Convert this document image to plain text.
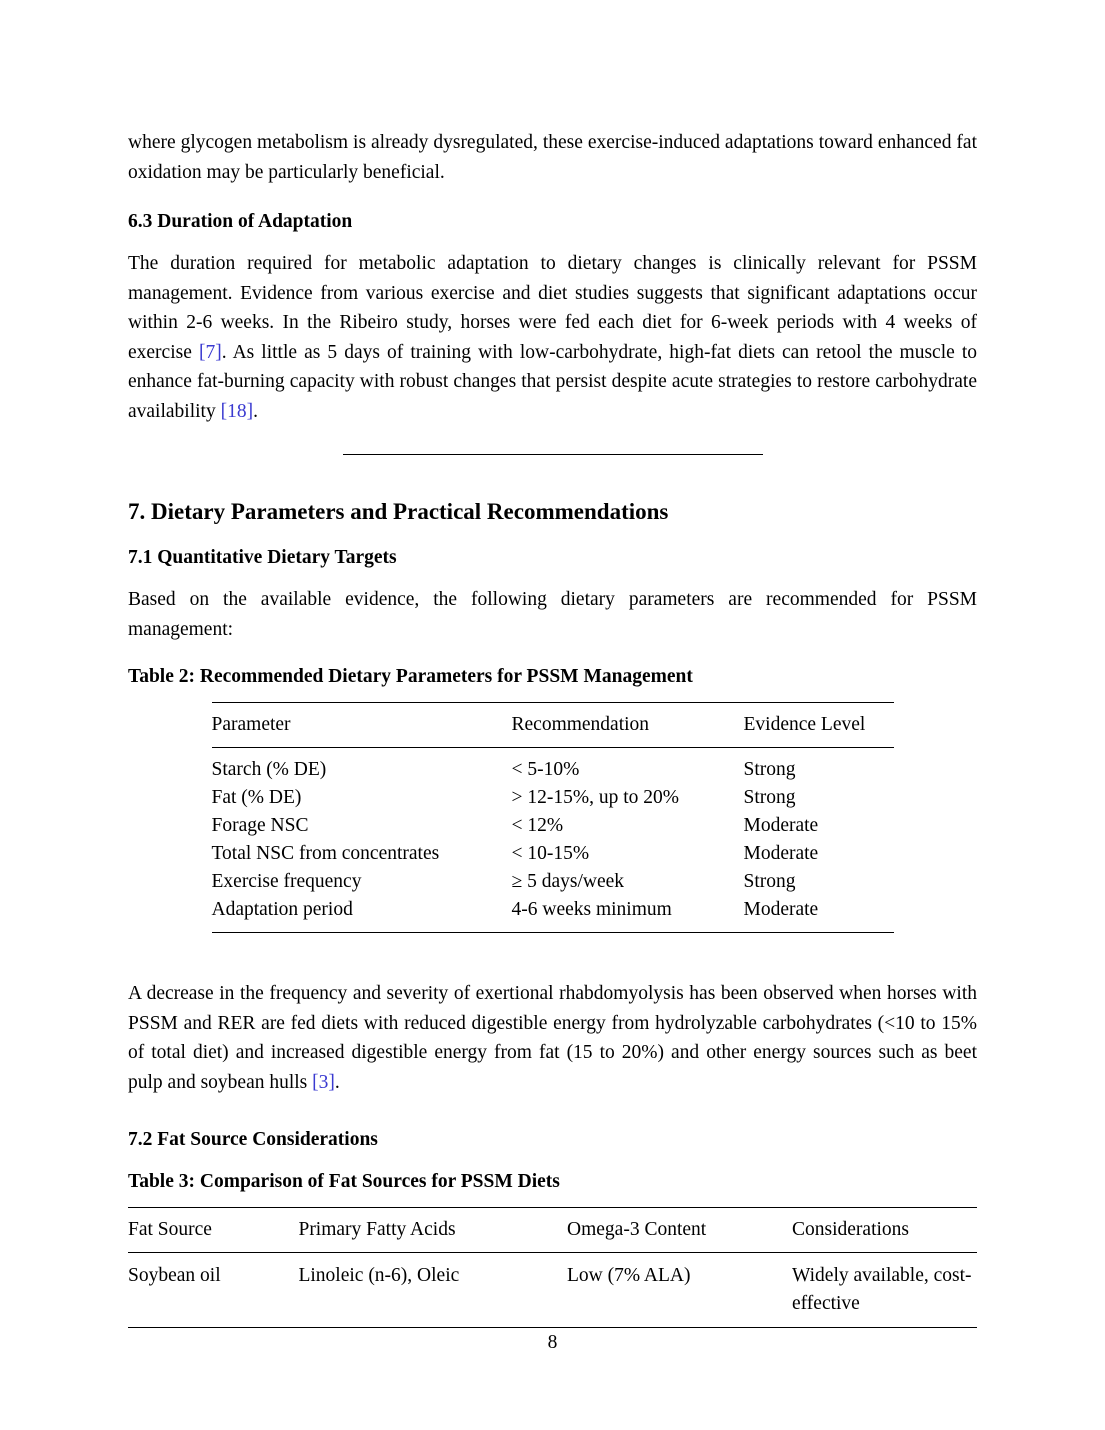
where glycogen metabolism is already dysregulated, these exercise-induced adaptations toward enhanced fat oxidation may be particularly beneficial.

6.3 Duration of Adaptation

The duration required for metabolic adaptation to dietary changes is clinically relevant for PSSM management. Evidence from various exercise and diet studies suggests that significant adaptations occur within 2-6 weeks. In the Ribeiro study, horses were fed each diet for 6-week periods with 4 weeks of exercise [7]. As little as 5 days of training with low-carbohydrate, high-fat diets can retool the muscle to enhance fat-burning capacity with robust changes that persist despite acute strategies to restore carbohydrate availability [18].

7. Dietary Parameters and Practical Recommendations
7.1 Quantitative Dietary Targets

Based on the available evidence, the following dietary parameters are recommended for PSSM management:

Table 2: Recommended Dietary Parameters for PSSM Management
Parameter	Recommendation	Evidence Level
Starch (% DE)	< 5-10%	Strong
Fat (% DE)	> 12-15%, up to 20%	Strong
Forage NSC	< 12%	Moderate
Total NSC from concentrates	< 10-15%	Moderate
Exercise frequency	≥ 5 days/week	Strong
Adaptation period	4-6 weeks minimum	Moderate

A decrease in the frequency and severity of exertional rhabdomyolysis has been observed when horses with PSSM and RER are fed diets with reduced digestible energy from hydrolyzable carbohydrates (<10 to 15% of total diet) and increased digestible energy from fat (15 to 20%) and other energy sources such as beet pulp and soybean hulls [3].

7.2 Fat Source Considerations
Table 3: Comparison of Fat Sources for PSSM Diets
Fat Source	Primary Fatty Acids	Omega-3 Content	Considerations
Soybean oil	Linoleic (n-6), Oleic	Low (7% ALA)	Widely available, cost-effective
8
